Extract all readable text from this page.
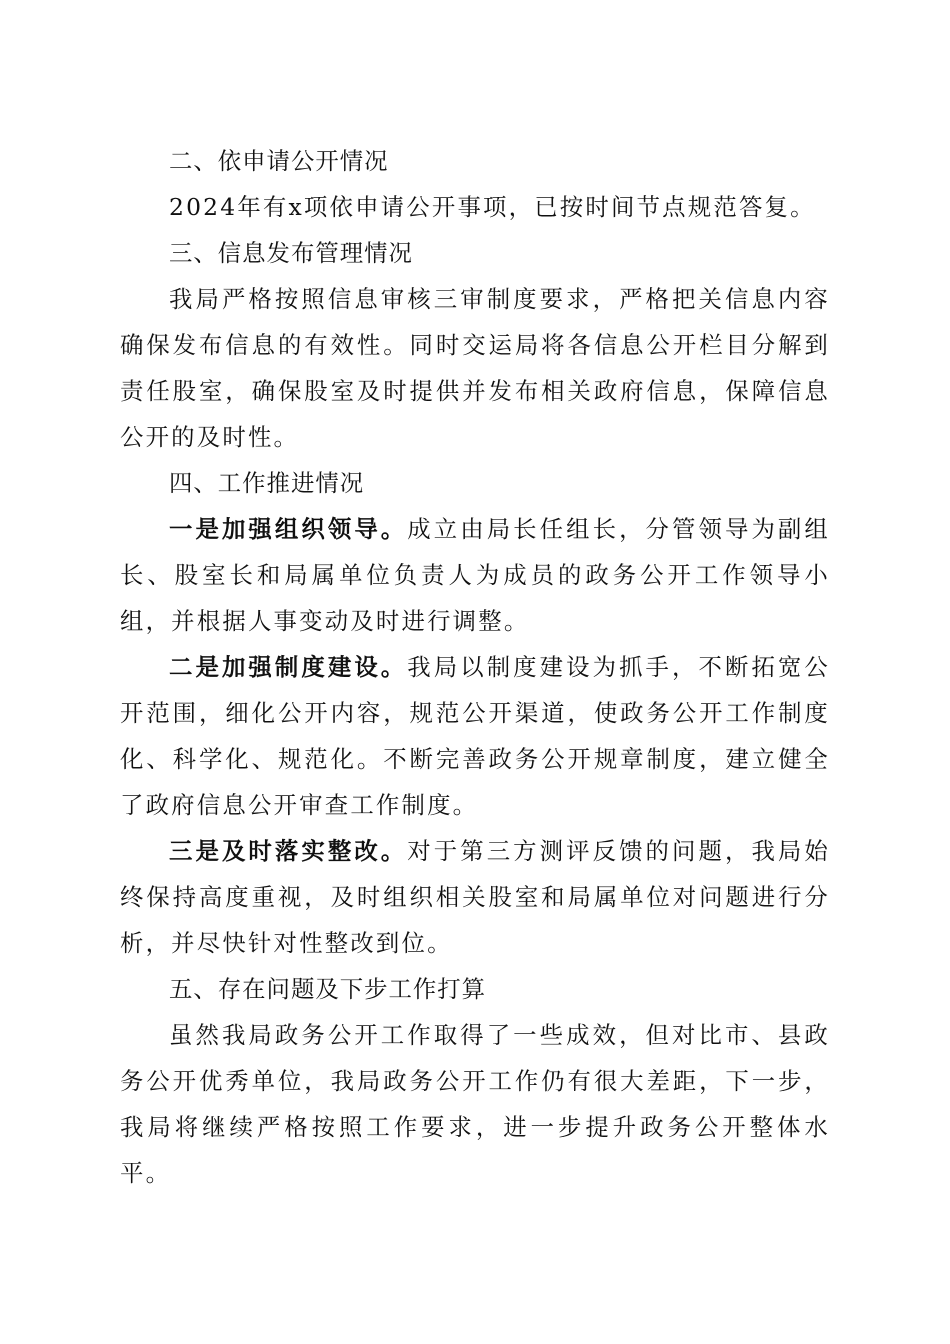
二、依申请公开情况

2024年有x项依申请公开事项，已按时间节点规范答复。

三、信息发布管理情况

我局严格按照信息审核三审制度要求，严格把关信息内容确保发布信息的有效性。同时交运局将各信息公开栏目分解到责任股室，确保股室及时提供并发布相关政府信息，保障信息公开的及时性。

四、工作推进情况

一是加强组织领导。成立由局长任组长，分管领导为副组长、股室长和局属单位负责人为成员的政务公开工作领导小组，并根据人事变动及时进行调整。

二是加强制度建设。我局以制度建设为抓手，不断拓宽公开范围，细化公开内容，规范公开渠道，使政务公开工作制度化、科学化、规范化。不断完善政务公开规章制度，建立健全了政府信息公开审查工作制度。

三是及时落实整改。对于第三方测评反馈的问题，我局始终保持高度重视，及时组织相关股室和局属单位对问题进行分析，并尽快针对性整改到位。

五、存在问题及下步工作打算

虽然我局政务公开工作取得了一些成效，但对比市、县政务公开优秀单位，我局政务公开工作仍有很大差距，下一步，我局将继续严格按照工作要求，进一步提升政务公开整体水平。
